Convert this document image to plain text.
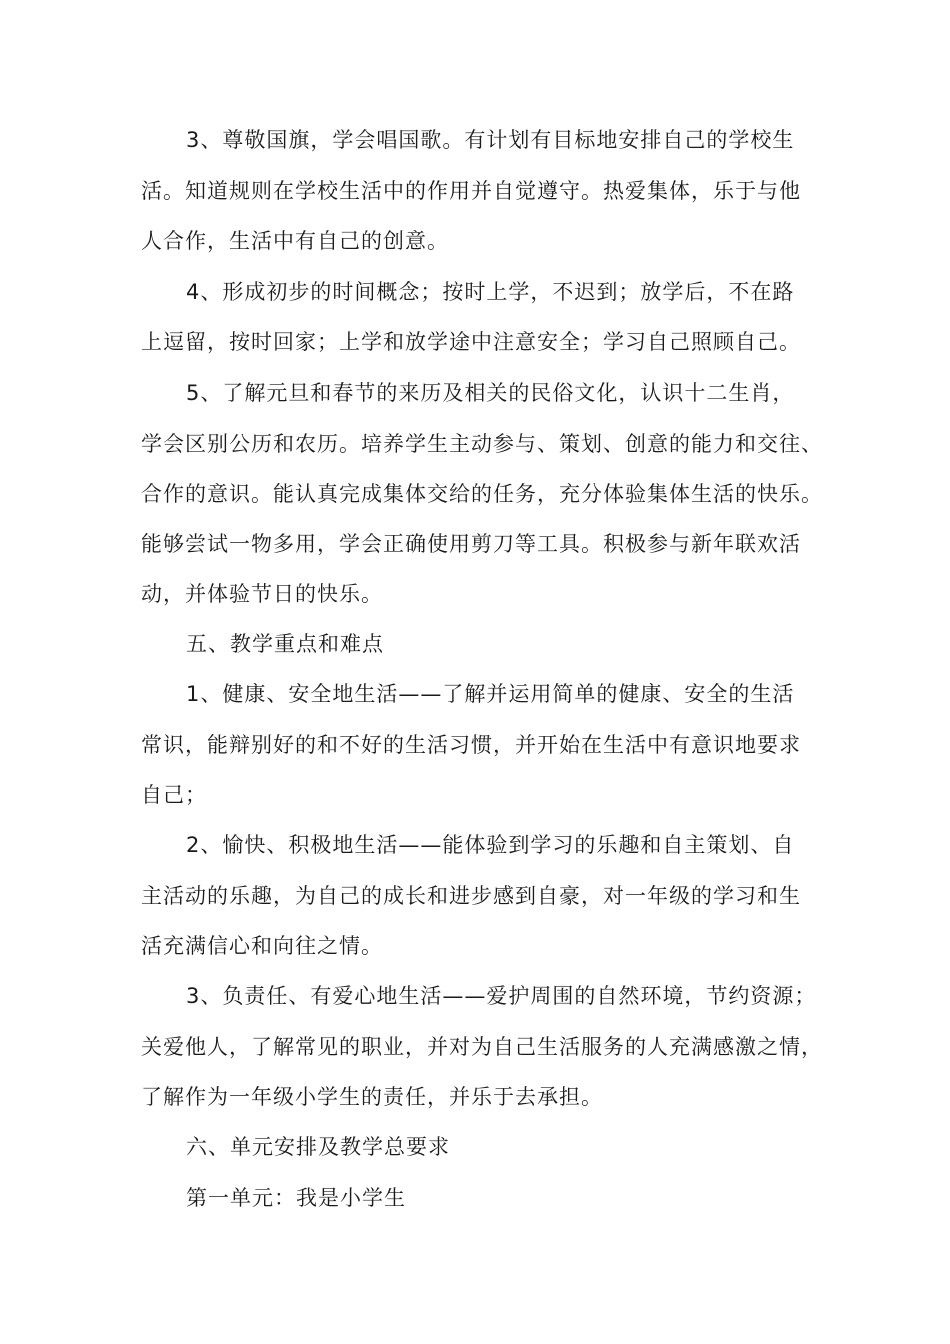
3、尊敬国旗，学会唱国歌。有计划有目标地安排自己的学校生
活。知道规则在学校生活中的作用并自觉遵守。热爱集体，乐于与他
人合作，生活中有自己的创意。
4、形成初步的时间概念；按时上学，不迟到；放学后，不在路
上逗留，按时回家；上学和放学途中注意安全；学习自己照顾自己。
5、了解元旦和春节的来历及相关的民俗文化，认识十二生肖，
学会区别公历和农历。培养学生主动参与、策划、创意的能力和交往、
合作的意识。能认真完成集体交给的任务，充分体验集体生活的快乐。
能够尝试一物多用，学会正确使用剪刀等工具。积极参与新年联欢活
动，并体验节日的快乐。
五、教学重点和难点
1、健康、安全地生活——了解并运用简单的健康、安全的生活
常识，能辩别好的和不好的生活习惯，并开始在生活中有意识地要求
自己；
2、愉快、积极地生活——能体验到学习的乐趣和自主策划、自
主活动的乐趣，为自己的成长和进步感到自豪，对一年级的学习和生
活充满信心和向往之情。
3、负责任、有爱心地生活——爱护周围的自然环境，节约资源；
关爱他人，了解常见的职业，并对为自己生活服务的人充满感激之情，
了解作为一年级小学生的责任，并乐于去承担。
六、单元安排及教学总要求
第一单元：我是小学生
